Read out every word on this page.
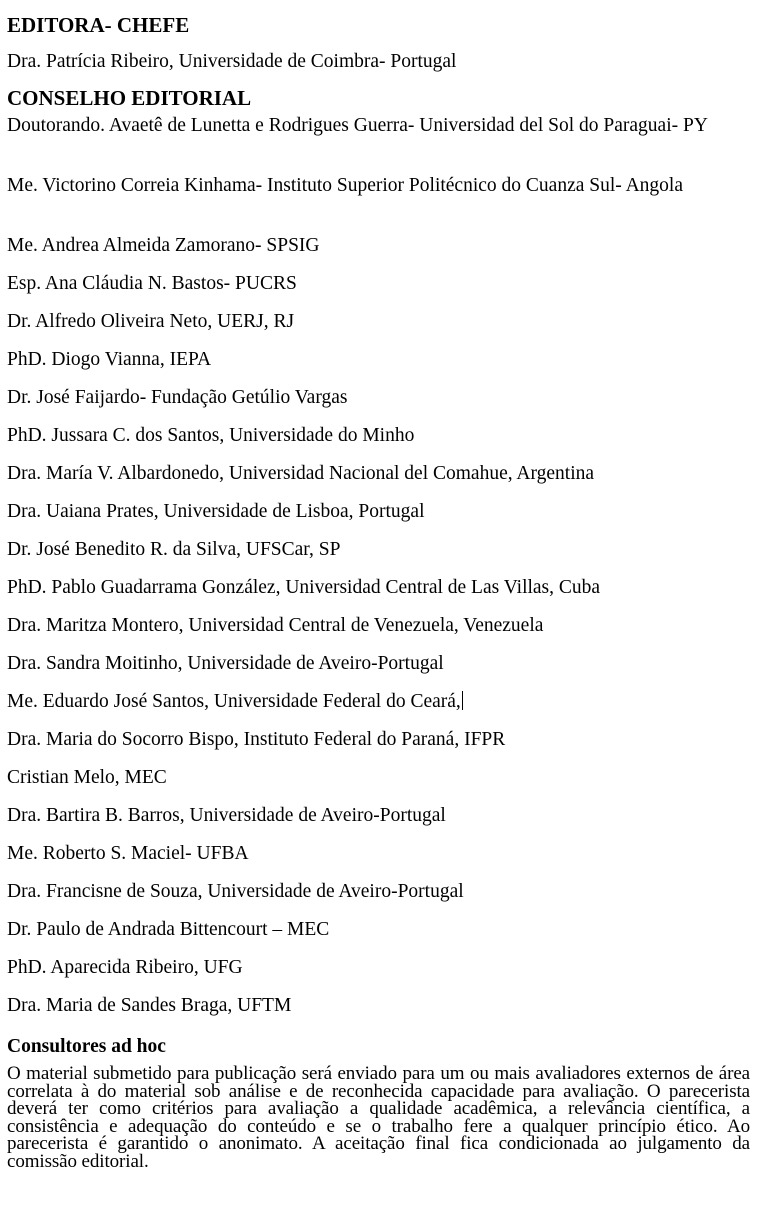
EDITORA- CHEFE

Dra. Patrícia Ribeiro, Universidade de Coimbra- Portugal

CONSELHO EDITORIAL
Doutorando. Avaetê de Lunetta e Rodrigues Guerra- Universidad del Sol do Paraguai- PY
Me. Victorino Correia Kinhama- Instituto Superior Politécnico do Cuanza Sul- Angola
Me. Andrea Almeida Zamorano- SPSIG
Esp. Ana Cláudia N. Bastos- PUCRS
Dr. Alfredo Oliveira Neto, UERJ, RJ
PhD. Diogo Vianna, IEPA
Dr. José Faijardo- Fundação Getúlio Vargas
PhD. Jussara C. dos Santos, Universidade do Minho
Dra. María V. Albardonedo, Universidad Nacional del Comahue, Argentina
Dra. Uaiana Prates, Universidade de Lisboa, Portugal
Dr. José Benedito R. da Silva, UFSCar, SP
PhD. Pablo Guadarrama González, Universidad Central de Las Villas, Cuba
Dra. Maritza Montero, Universidad Central de Venezuela, Venezuela
Dra. Sandra Moitinho, Universidade de Aveiro-Portugal
Me. Eduardo José Santos, Universidade Federal do Ceará,
Dra. Maria do Socorro Bispo, Instituto Federal do Paraná, IFPR
Cristian Melo, MEC
Dra. Bartira B. Barros, Universidade de Aveiro-Portugal
Me. Roberto S. Maciel- UFBA
Dra. Francisne de Souza, Universidade de Aveiro-Portugal
Dr. Paulo de Andrada Bittencourt – MEC
PhD. Aparecida Ribeiro, UFG
Dra. Maria de Sandes Braga, UFTM
Consultores ad hoc

O material submetido para publicação será enviado para um ou mais avaliadores externos de área correlata à do material sob análise e de reconhecida capacidade para avaliação. O parecerista deverá ter como critérios para avaliação a qualidade acadêmica, a relevância científica, a consistência e adequação do conteúdo e se o trabalho fere a qualquer princípio ético. Ao parecerista é garantido o anonimato. A aceitação final fica condicionada ao julgamento da comissão editorial.
